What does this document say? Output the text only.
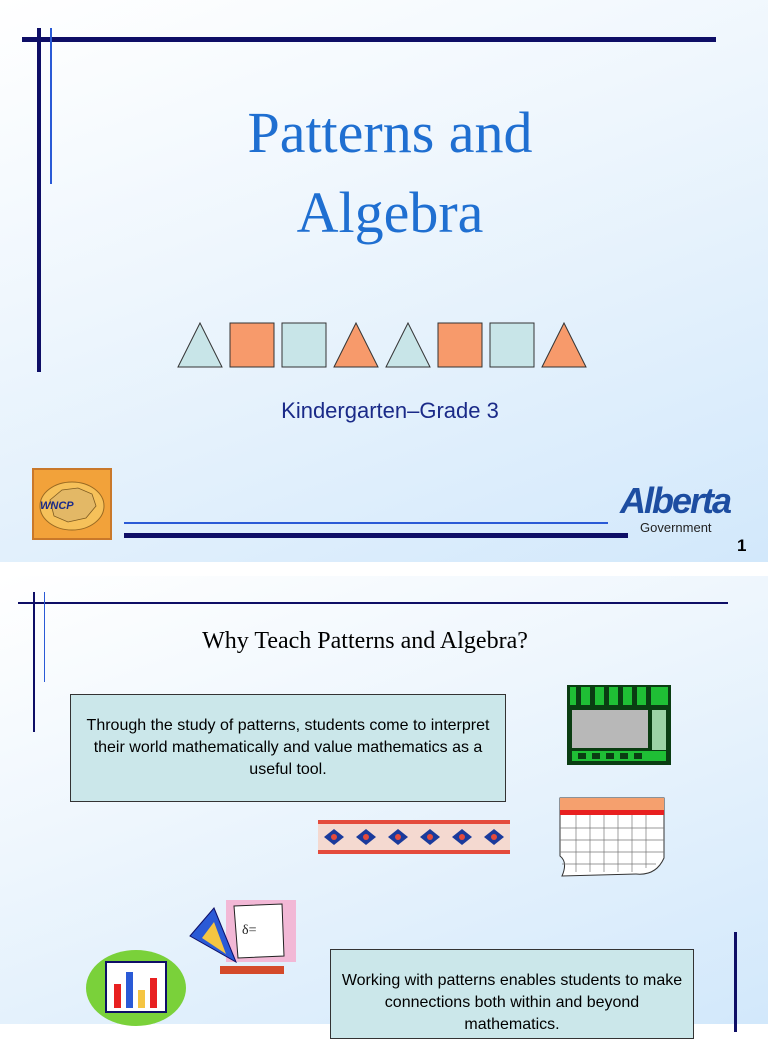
Patterns and
Algebra
Kindergarten–Grade 3
WNCP	Alberta
Government
1
Why Teach Patterns and Algebra?
Through the study of patterns, students come to interpret their world mathematically and value mathematics as a useful tool.
δ=
Working with patterns enables students to make connections both within and beyond mathematics.
